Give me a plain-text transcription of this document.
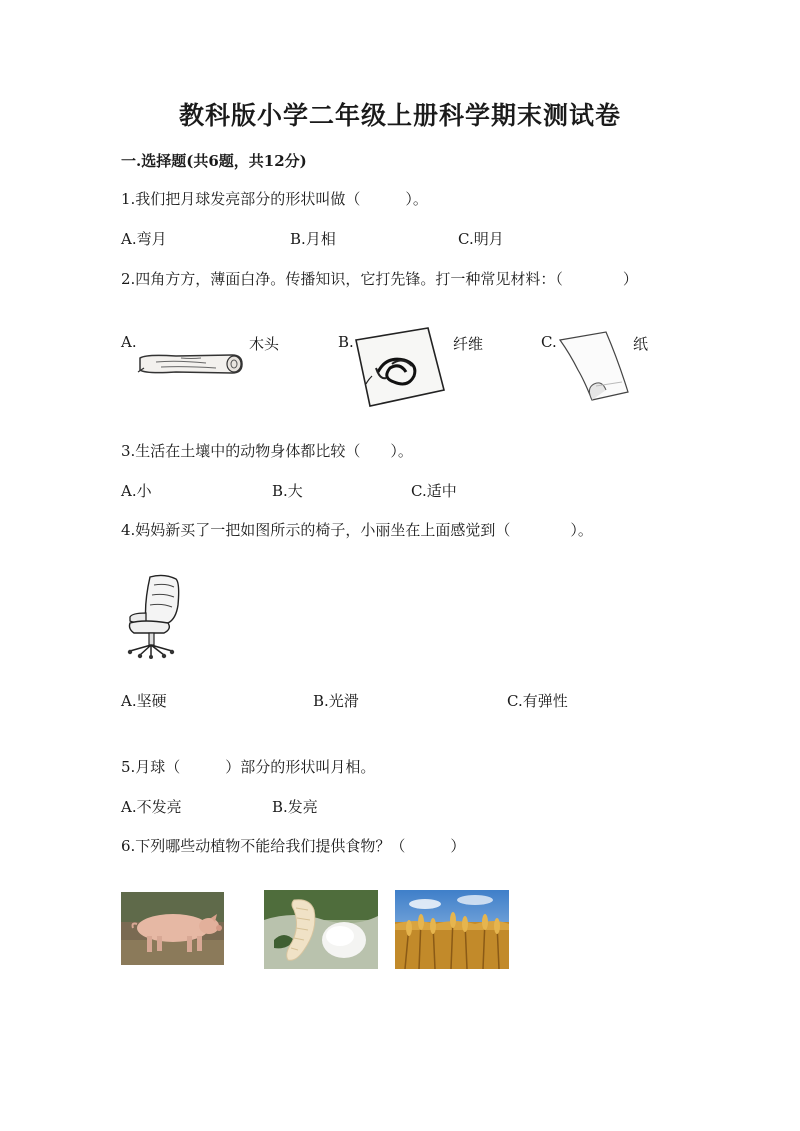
教科版小学二年级上册科学期末测试卷
一.选择题(共6题，共12分)
1.我们把月球发亮部分的形状叫做（　　　）。
A.弯月	B.月相	C.明月
2.四角方方，薄面白净。传播知识，它打先锋。打一种常见材料：（　　　　）
A.	木头	B.	纤维	C.	纸
3.生活在土壤中的动物身体都比较（　　）。
A.小	B.大	C.适中
4.妈妈新买了一把如图所示的椅子，小丽坐在上面感觉到（　　　　）。
A.坚硬	B.光滑	C.有弹性
5.月球（　　　）部分的形状叫月相。
A.不发亮	B.发亮
6.下列哪些动植物不能给我们提供食物？（　　　）
